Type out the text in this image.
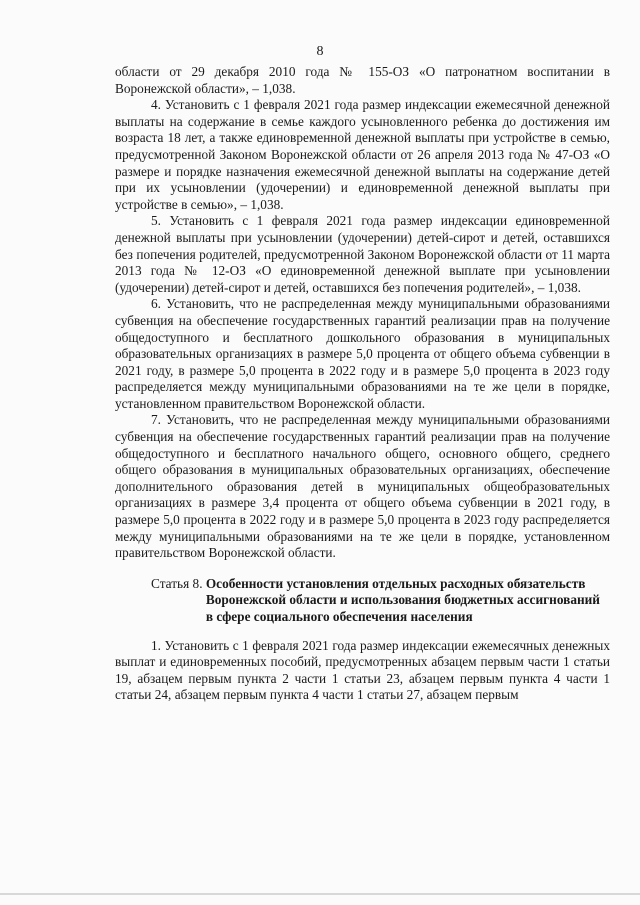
8

области от 29 декабря 2010 года № 155-ОЗ «О патронатном воспитании в Воронежской области», – 1,038.

4. Установить с 1 февраля 2021 года размер индексации ежемесячной денежной выплаты на содержание в семье каждого усыновленного ребенка до достижения им возраста 18 лет, а также единовременной денежной выплаты при устройстве в семью, предусмотренной Законом Воронежской области от 26 апреля 2013 года № 47-ОЗ «О размере и порядке назначения ежемесячной денежной выплаты на содержание детей при их усыновлении (удочерении) и единовременной денежной выплаты при устройстве в семью», – 1,038.

5. Установить с 1 февраля 2021 года размер индексации единовременной денежной выплаты при усыновлении (удочерении) детей-сирот и детей, оставшихся без попечения родителей, предусмотренной Законом Воронежской области от 11 марта 2013 года № 12-ОЗ «О единовременной денежной выплате при усыновлении (удочерении) детей-сирот и детей, оставшихся без попечения родителей», – 1,038.

6. Установить, что не распределенная между муниципальными образованиями субвенция на обеспечение государственных гарантий реализации прав на получение общедоступного и бесплатного дошкольного образования в муниципальных образовательных организациях в размере 5,0 процента от общего объема субвенции в 2021 году, в размере 5,0 процента в 2022 году и в размере 5,0 процента в 2023 году распределяется между муниципальными образованиями на те же цели в порядке, установленном правительством Воронежской области.

7. Установить, что не распределенная между муниципальными образованиями субвенция на обеспечение государственных гарантий реализации прав на получение общедоступного и бесплатного начального общего, основного общего, среднего общего образования в муниципальных образовательных организациях, обеспечение дополнительного образования детей в муниципальных общеобразовательных организациях в размере 3,4 процента от общего объема субвенции в 2021 году, в размере 5,0 процента в 2022 году и в размере 5,0 процента в 2023 году распределяется между муниципальными образованиями на те же цели в порядке, установленном правительством Воронежской области.

Статья 8.
Особенности установления отдельных расходных обязательств Воронежской области и использования бюджетных ассигнований в сфере социального обеспечения населения

1. Установить с 1 февраля 2021 года размер индексации ежемесячных денежных выплат и единовременных пособий, предусмотренных абзацем первым части 1 статьи 19, абзацем первым пункта 2 части 1 статьи 23, абзацем первым пункта 4 части 1 статьи 24, абзацем первым пункта 4 части 1 статьи 27, абзацем первым
